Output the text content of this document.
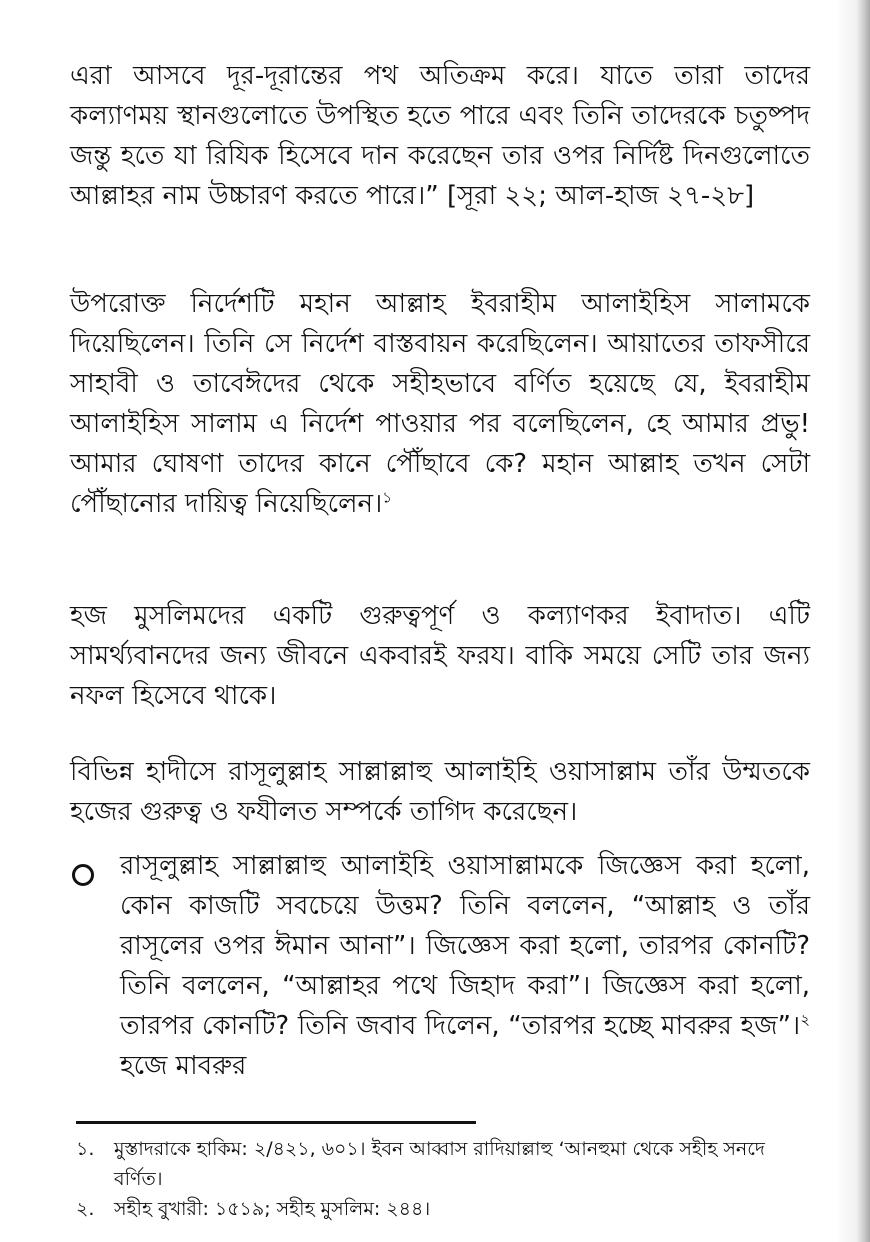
এরা আসবে দূর-দূরান্তের পথ অতিক্রম করে। যাতে তারা তাদের কল্যাণময় স্থানগুলোতে উপস্থিত হতে পারে এবং তিনি তাদেরকে চতুষ্পদ জন্তু হতে যা রিযিক হিসেবে দান করেছেন তার ওপর নির্দিষ্ট দিনগুলোতে আল্লাহর নাম উচ্চারণ করতে পারে।” [সূরা ২২; আল-হাজ ২৭-২৮]

উপরোক্ত নির্দেশটি মহান আল্লাহ ইবরাহীম আলাইহিস সালামকে দিয়েছিলেন। তিনি সে নির্দেশ বাস্তবায়ন করেছিলেন। আয়াতের তাফসীরে সাহাবী ও তাবেঈদের থেকে সহীহভাবে বর্ণিত হয়েছে যে, ইবরাহীম আলাইহিস সালাম এ নির্দেশ পাওয়ার পর বলেছিলেন, হে আমার প্রভু! আমার ঘোষণা তাদের কানে পৌঁছাবে কে? মহান আল্লাহ তখন সেটা পৌঁছানোর দায়িত্ব নিয়েছিলেন।$^১$

হজ মুসলিমদের একটি গুরুত্বপূর্ণ ও কল্যাণকর ইবাদাত। এটি সামর্থ্যবানদের জন্য জীবনে একবারই ফরয। বাকি সময়ে সেটি তার জন্য নফল হিসেবে থাকে।

বিভিন্ন হাদীসে রাসূলুল্লাহ সাল্লাল্লাহু আলাইহি ওয়াসাল্লাম তাঁর উম্মতকে হজের গুরুত্ব ও ফযীলত সম্পর্কে তাগিদ করেছেন।

রাসূলুল্লাহ সাল্লাল্লাহু আলাইহি ওয়াসাল্লামকে জিজ্ঞেস করা হলো, কোন কাজটি সবচেয়ে উত্তম? তিনি বললেন, “আল্লাহ ও তাঁর রাসূলের ওপর ঈমান আনা”। জিজ্ঞেস করা হলো, তারপর কোনটি? তিনি বললেন, “আল্লাহর পথে জিহাদ করা”। জিজ্ঞেস করা হলো, তারপর কোনটি? তিনি জবাব দিলেন, “তারপর হচ্ছে মাবরুর হজ”।$^২$ হজে মাবরুর

১. মুস্তাদরাকে হাকিম: ২/৪২১, ৬০১। ইবন আব্বাস রাদিয়াল্লাহু ‘আনহুমা থেকে সহীহ সনদে বর্ণিত।

২. সহীহ বুখারী: ১৫১৯; সহীহ মুসলিম: ২৪৪।
